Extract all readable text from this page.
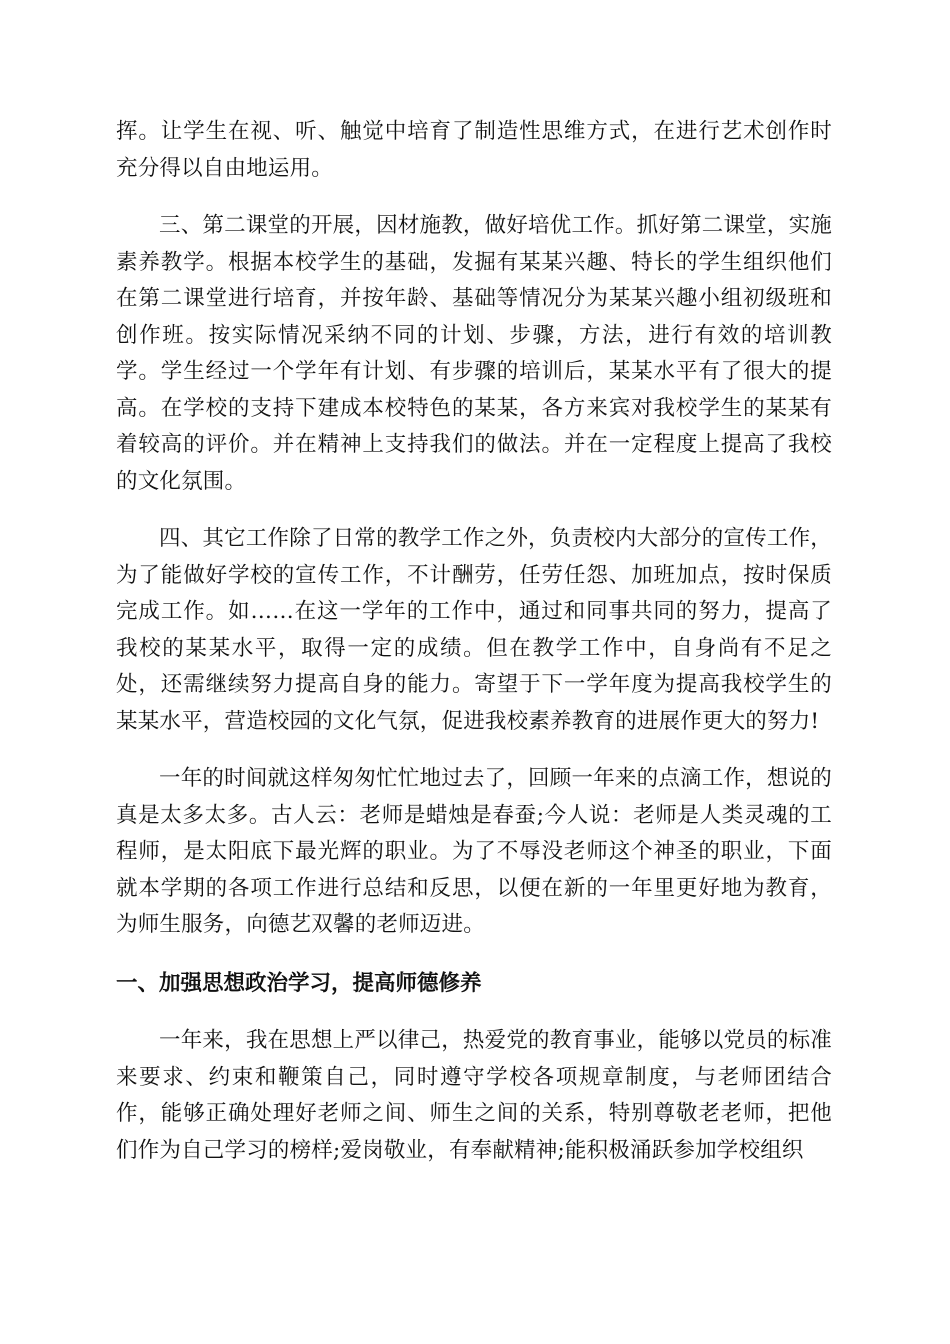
挥。让学生在视、听、触觉中培育了制造性思维方式，在进行艺术创作时充分得以自由地运用。

三、第二课堂的开展，因材施教，做好培优工作。抓好第二课堂，实施素养教学。根据本校学生的基础，发掘有某某兴趣、特长的学生组织他们在第二课堂进行培育，并按年龄、基础等情况分为某某兴趣小组初级班和创作班。按实际情况采纳不同的计划、步骤，方法，进行有效的培训教学。学生经过一个学年有计划、有步骤的培训后，某某水平有了很大的提高。在学校的支持下建成本校特色的某某，各方来宾对我校学生的某某有着较高的评价。并在精神上支持我们的做法。并在一定程度上提高了我校的文化氛围。

四、其它工作除了日常的教学工作之外，负责校内大部分的宣传工作，为了能做好学校的宣传工作，不计酬劳，任劳任怨、加班加点，按时保质完成工作。如……在这一学年的工作中，通过和同事共同的努力，提高了我校的某某水平，取得一定的成绩。但在教学工作中，自身尚有不足之处，还需继续努力提高自身的能力。寄望于下一学年度为提高我校学生的某某水平，营造校园的文化气氛，促进我校素养教育的进展作更大的努力!

一年的时间就这样匆匆忙忙地过去了，回顾一年来的点滴工作，想说的真是太多太多。古人云：老师是蜡烛是春蚕;今人说：老师是人类灵魂的工程师，是太阳底下最光辉的职业。为了不辱没老师这个神圣的职业，下面就本学期的各项工作进行总结和反思，以便在新的一年里更好地为教育，为师生服务，向德艺双馨的老师迈进。

一、加强思想政治学习，提高师德修养

一年来，我在思想上严以律己，热爱党的教育事业，能够以党员的标准来要求、约束和鞭策自己，同时遵守学校各项规章制度，与老师团结合作，能够正确处理好老师之间、师生之间的关系，特别尊敬老老师，把他们作为自己学习的榜样;爱岗敬业，有奉献精神;能积极涌跃参加学校组织
